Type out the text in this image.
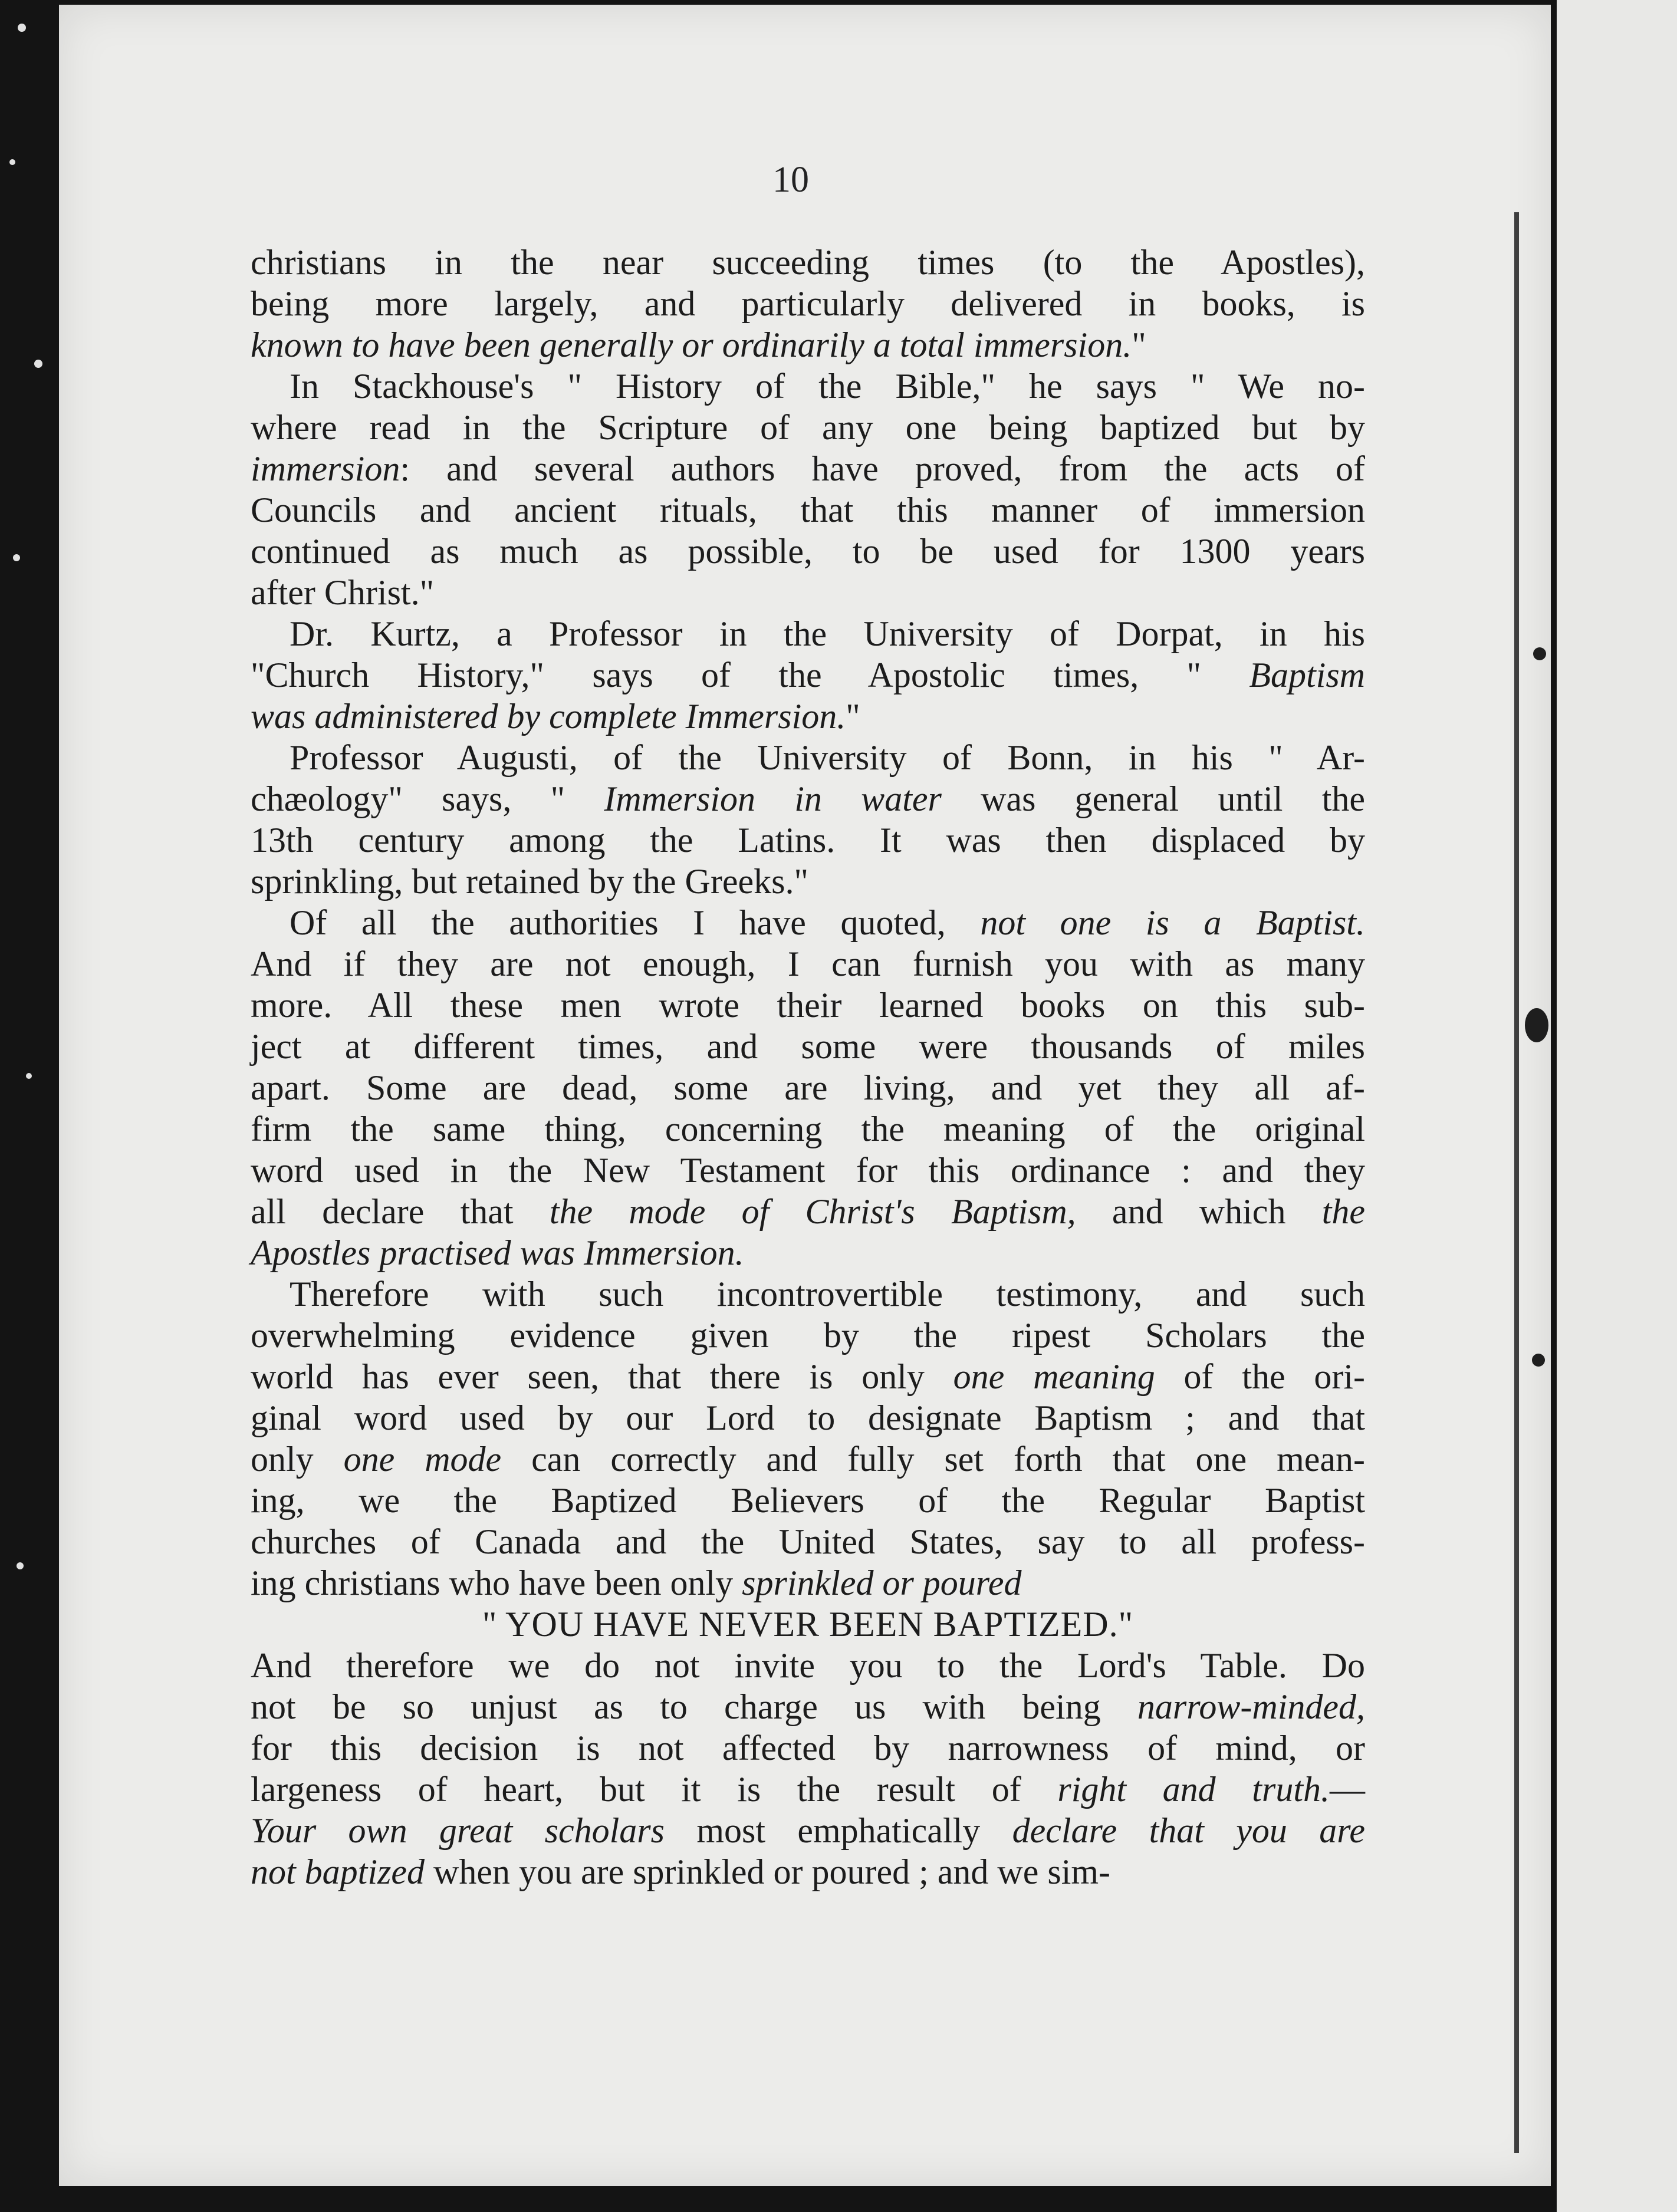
10
christians in the near succeeding times (to the Apostles),
being more largely, and particularly delivered in books, is
known to have been generally or ordinarily a total immersion."
In Stackhouse's " History of the Bible," he says " We no-
where read in the Scripture of any one being baptized but by
immersion: and several authors have proved, from the acts of
Councils and ancient rituals, that this manner of immersion
continued as much as possible, to be used for 1300 years
after Christ."
Dr. Kurtz, a Professor in the University of Dorpat, in his
"Church History," says of the Apostolic times, " Baptism
was administered by complete Immersion."
Professor Augusti, of the University of Bonn, in his " Ar-
chæology" says, " Immersion in water was general until the
13th century among the Latins. It was then displaced by
sprinkling, but retained by the Greeks."
Of all the authorities I have quoted, not one is a Baptist.
And if they are not enough, I can furnish you with as many
more. All these men wrote their learned books on this sub-
ject at different times, and some were thousands of miles
apart. Some are dead, some are living, and yet they all af-
firm the same thing, concerning the meaning of the original
word used in the New Testament for this ordinance : and they
all declare that the mode of Christ's Baptism, and which the
Apostles practised was Immersion.
Therefore with such incontrovertible testimony, and such
overwhelming evidence given by the ripest Scholars the
world has ever seen, that there is only one meaning of the ori-
ginal word used by our Lord to designate Baptism ; and that
only one mode can correctly and fully set forth that one mean-
ing, we the Baptized Believers of the Regular Baptist
churches of Canada and the United States, say to all profess-
ing christians who have been only sprinkled or poured
" YOU HAVE NEVER BEEN BAPTIZED."
And therefore we do not invite you to the Lord's Table. Do
not be so unjust as to charge us with being narrow-minded,
for this decision is not affected by narrowness of mind, or
largeness of heart, but it is the result of right and truth.—
Your own great scholars most emphatically declare that you are
not baptized when you are sprinkled or poured ; and we sim-
